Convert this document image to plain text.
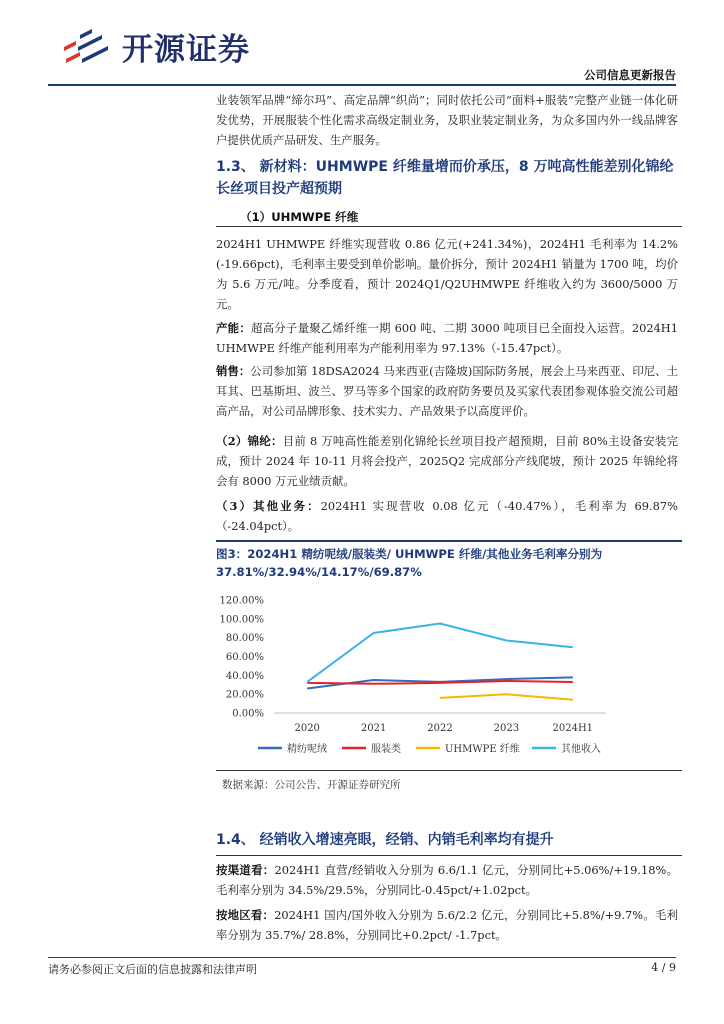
开源证券
公司信息更新报告

业装领军品牌“缔尔玛”、高定品牌“织尚”；同时依托公司“面料+服装”完整产业链一体化研发优势，开展服装个性化需求高级定制业务，及职业装定制业务，为众多国内外一线品牌客户提供优质产品研发、生产服务。

1.3、 新材料：UHMWPE 纤维量增而价承压，8 万吨高性能差别化锦纶长丝项目投产超预期
（1）UHMWPE 纤维

2024H1 UHMWPE 纤维实现营收 0.86 亿元(+241.34%)，2024H1 毛利率为 14.2%(-19.66pct)，毛利率主要受到单价影响。量价拆分，预计 2024H1 销量为 1700 吨，均价为 5.6 万元/吨。分季度看，预计 2024Q1/Q2UHMWPE 纤维收入约为 3600/5000 万元。

产能：超高分子量聚乙烯纤维一期 600 吨、二期 3000 吨项目已全面投入运营。2024H1 UHMWPE 纤维产能利用率为产能利用率为 97.13%（-15.47pct）。

销售：公司参加第 18DSA2024 马来西亚(吉隆坡)国际防务展，展会上马来西亚、印尼、土耳其、巴基斯坦、波兰、罗马等多个国家的政府防务要员及买家代表团参观体验交流公司超高产品，对公司品牌形象、技术实力、产品效果予以高度评价。

（2）锦纶：目前 8 万吨高性能差别化锦纶长丝项目投产超预期，目前 80%主设备安装完成，预计 2024 年 10-11 月将会投产，2025Q2 完成部分产线爬坡，预计 2025 年锦纶将会有 8000 万元业绩贡献。

（3）其他业务：2024H1 实现营收 0.08 亿元（-40.47%），毛利率为 69.87%（-24.04pct）。

图3：2024H1 精纺呢绒/服装类/ UHMWPE 纤维/其他业务毛利率分别为 37.81%/32.94%/14.17%/69.87%
0.00%
20.00%
40.00%
60.00%
80.00%
100.00%
120.00%
2020	2021	2022	2023	2024H1
精纺呢绒	服装类	UHMWPE 纤维	其他收入
数据来源：公司公告、开源证券研究所
1.4、 经销收入增速亮眼，经销、内销毛利率均有提升

按渠道看：2024H1 直营/经销收入分别为 6.6/1.1 亿元，分别同比+5.06%/+19.18%。毛利率分别为 34.5%/29.5%，分别同比-0.45pct/+1.02pct。

按地区看：2024H1 国内/国外收入分别为 5.6/2.2 亿元，分别同比+5.8%/+9.7%。毛利率分别为 35.7%/ 28.8%，分别同比+0.2pct/ -1.7pct。

请务必参阅正文后面的信息披露和法律声明	4 / 9
